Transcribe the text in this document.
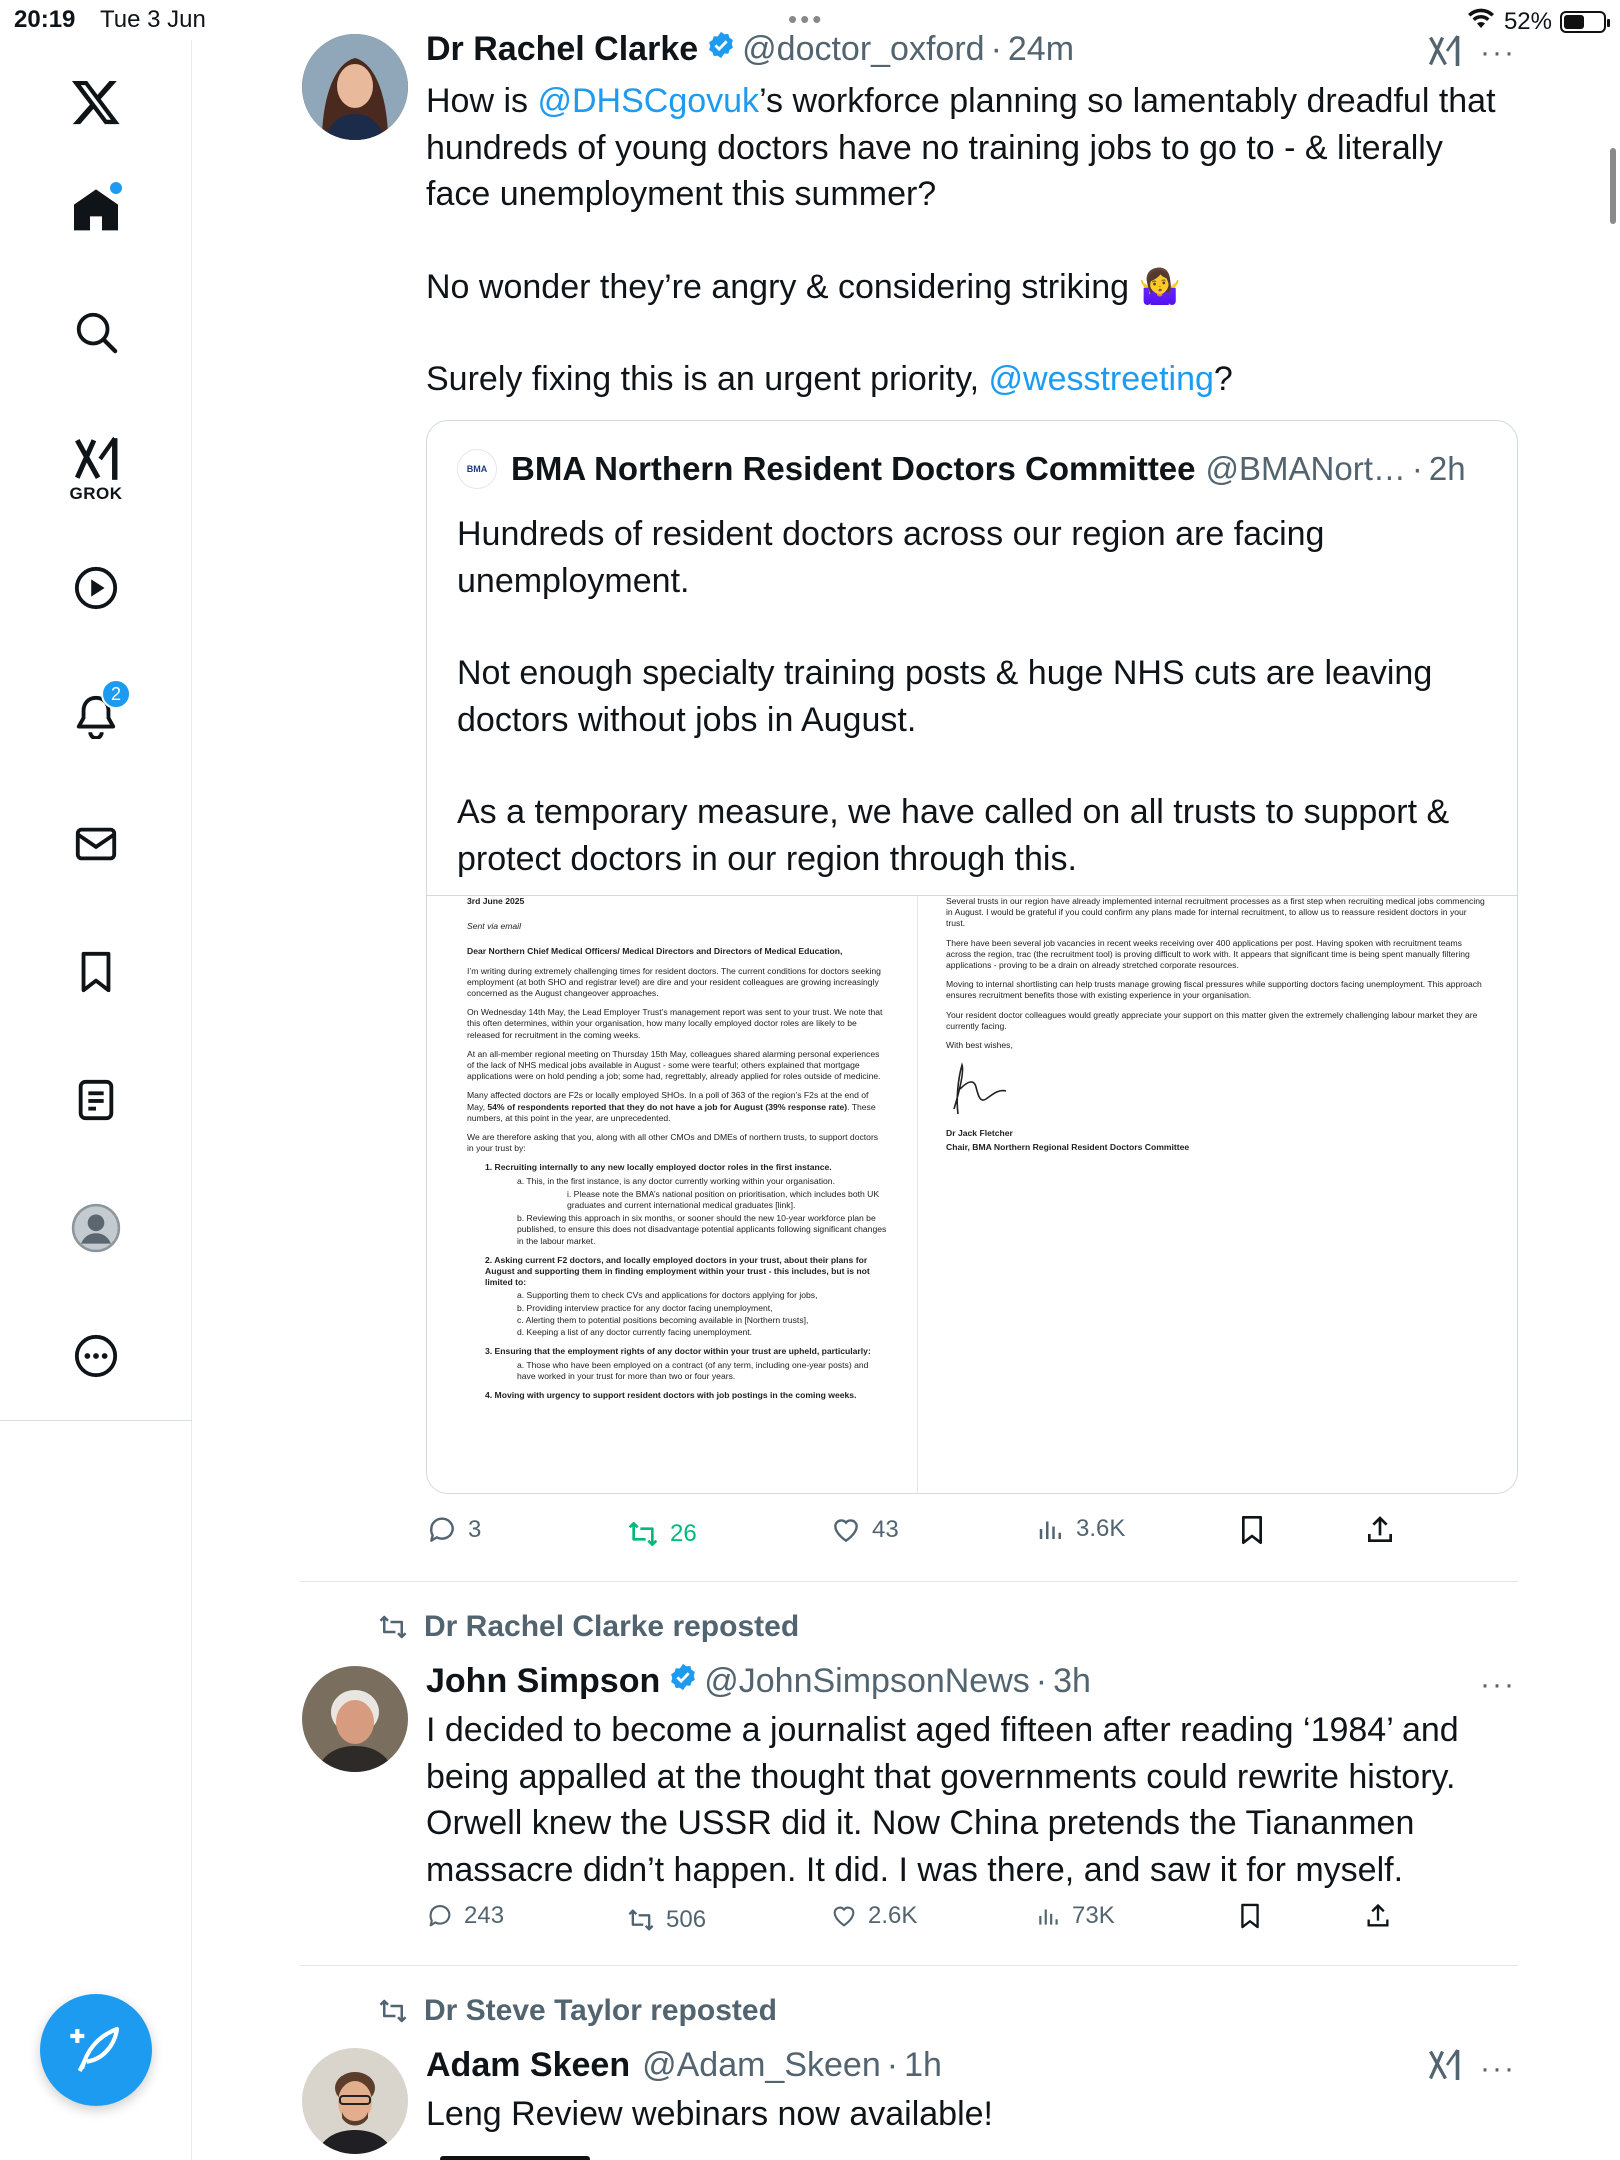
20:19 Tue 3 Jun	•••	52%
GROK
2
Dr Rachel Clarke @doctor_oxford · 24m	···

How is @DHSCgovuk’s workforce planning so lamentably dreadful that hundreds of young doctors have no training jobs to go to - & literally face unemployment this summer?

No wonder they’re angry & considering striking 🤷‍♀️

Surely fixing this is an urgent priority, @wesstreeting?

BMA BMA Northern Resident Doctors Committee @BMANort… · 2h

Hundreds of resident doctors across our region are facing unemployment.

Not enough specialty training posts & huge NHS cuts are leaving doctors without jobs in August.

As a temporary measure, we have called on all trusts to support & protect doctors in our region through this.

3rd June 2025

Sent via email

Dear Northern Chief Medical Officers/ Medical Directors and Directors of Medical Education,

I’m writing during extremely challenging times for resident doctors. The current conditions for doctors seeking employment (at both SHO and registrar level) are dire and your resident colleagues are growing increasingly concerned as the August changeover approaches.

On Wednesday 14th May, the Lead Employer Trust’s management report was sent to your trust. We note that this often determines, within your organisation, how many locally employed doctor roles are likely to be released for recruitment in the coming weeks.

At an all-member regional meeting on Thursday 15th May, colleagues shared alarming personal experiences of the lack of NHS medical jobs available in August - some were tearful; others explained that mortgage applications were on hold pending a job; some had, regrettably, already applied for roles outside of medicine.

Many affected doctors are F2s or locally employed SHOs. In a poll of 363 of the region’s F2s at the end of May, 54% of respondents reported that they do not have a job for August (39% response rate). These numbers, at this point in the year, are unprecedented.

We are therefore asking that you, along with all other CMOs and DMEs of northern trusts, to support doctors in your trust by:

1. Recruiting internally to any new locally employed doctor roles in the first instance.

a. This, in the first instance, is any doctor currently working within your organisation.

i. Please note the BMA’s national position on prioritisation, which includes both UK graduates and current international medical graduates [link].

b. Reviewing this approach in six months, or sooner should the new 10-year workforce plan be published, to ensure this does not disadvantage potential applicants following significant changes in the labour market.

2. Asking current F2 doctors, and locally employed doctors in your trust, about their plans for August and supporting them in finding employment within your trust - this includes, but is not limited to:

a. Supporting them to check CVs and applications for doctors applying for jobs,

b. Providing interview practice for any doctor facing unemployment,

c. Alerting them to potential positions becoming available in [Northern trusts],

d. Keeping a list of any doctor currently facing unemployment.

3. Ensuring that the employment rights of any doctor within your trust are upheld, particularly:

a. Those who have been employed on a contract (of any term, including one-year posts) and have worked in your trust for more than two or four years.

4. Moving with urgency to support resident doctors with job postings in the coming weeks.

Several trusts in our region have already implemented internal recruitment processes as a first step when recruiting medical jobs commencing in August. I would be grateful if you could confirm any plans made for internal recruitment, to allow us to reassure resident doctors in your trust.

There have been several job vacancies in recent weeks receiving over 400 applications per post. Having spoken with recruitment teams across the region, trac (the recruitment tool) is proving difficult to work with. It appears that significant time is being spent manually filtering applications - proving to be a drain on already stretched corporate resources.

Moving to internal shortlisting can help trusts manage growing fiscal pressures while supporting doctors facing unemployment. This approach ensures recruitment benefits those with existing experience in your organisation.

Your resident doctor colleagues would greatly appreciate your support on this matter given the extremely challenging labour market they are currently facing.

With best wishes,

Dr Jack Fletcher

Chair, BMA Northern Regional Resident Doctors Committee

3	26	43	3.6K
Dr Rachel Clarke reposted
John Simpson @JohnSimpsonNews · 3h	···
I decided to become a journalist aged fifteen after reading ‘1984’ and being appalled at the thought that governments could rewrite history. Orwell knew the USSR did it. Now China pretends the Tiananmen massacre didn’t happen. It did. I was there, and saw it for myself.
243	506	2.6K	73K
Dr Steve Taylor reposted
Adam Skeen @Adam_Skeen · 1h	···
Leng Review webinars now available!
